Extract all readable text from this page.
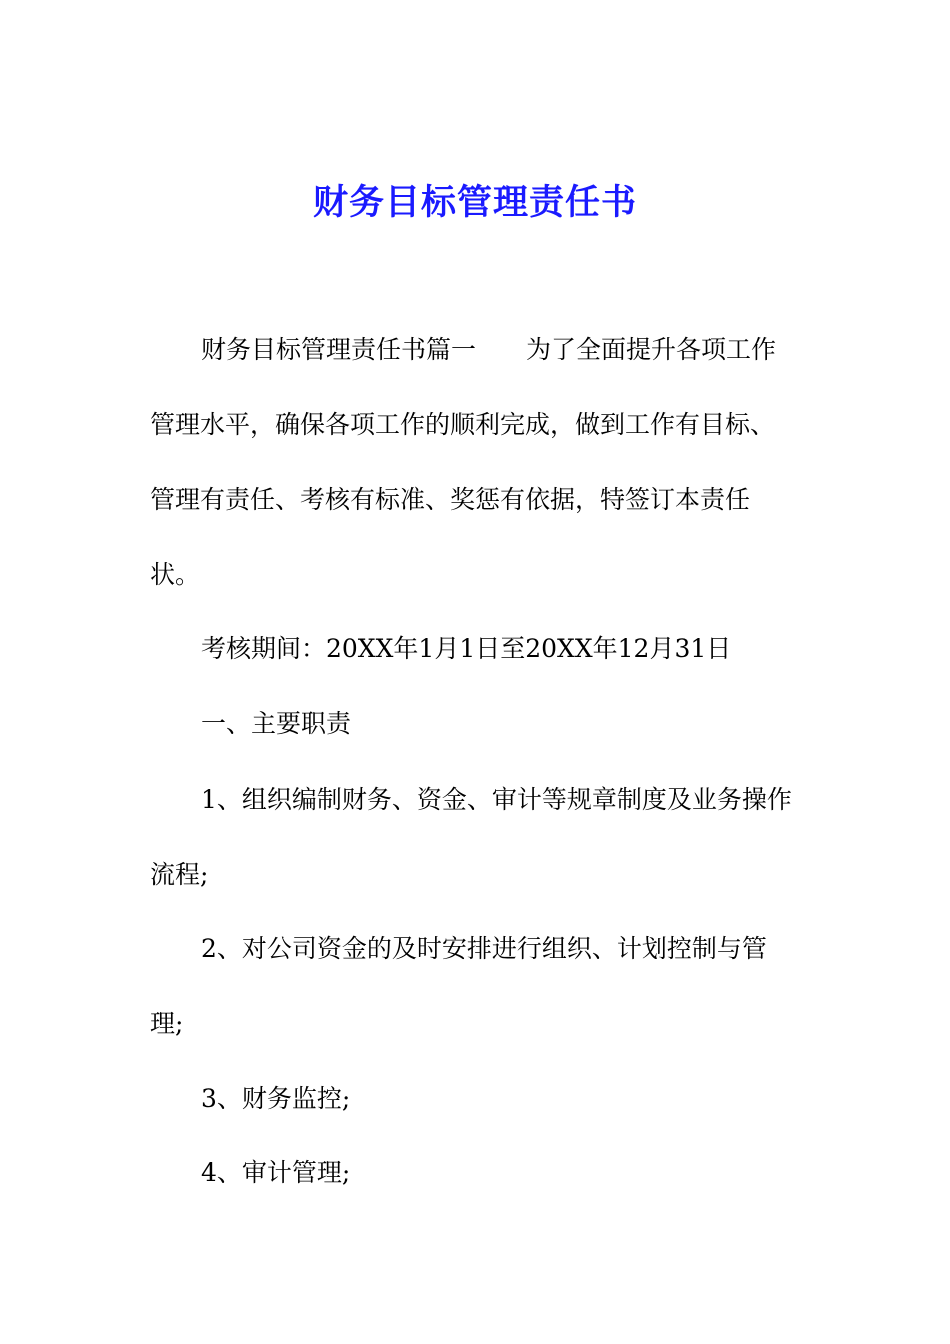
财务目标管理责任书
财务目标管理责任书篇一 为了全面提升各项工作
管理水平，确保各项工作的顺利完成，做到工作有目标、
管理有责任、考核有标准、奖惩有依据，特签订本责任
状。
考核期间：20XX年1月1日至20XX年12月31日
一、主要职责
1、组织编制财务、资金、审计等规章制度及业务操作
流程;
2、对公司资金的及时安排进行组织、计划控制与管
理;
3、财务监控;
4、审计管理;
